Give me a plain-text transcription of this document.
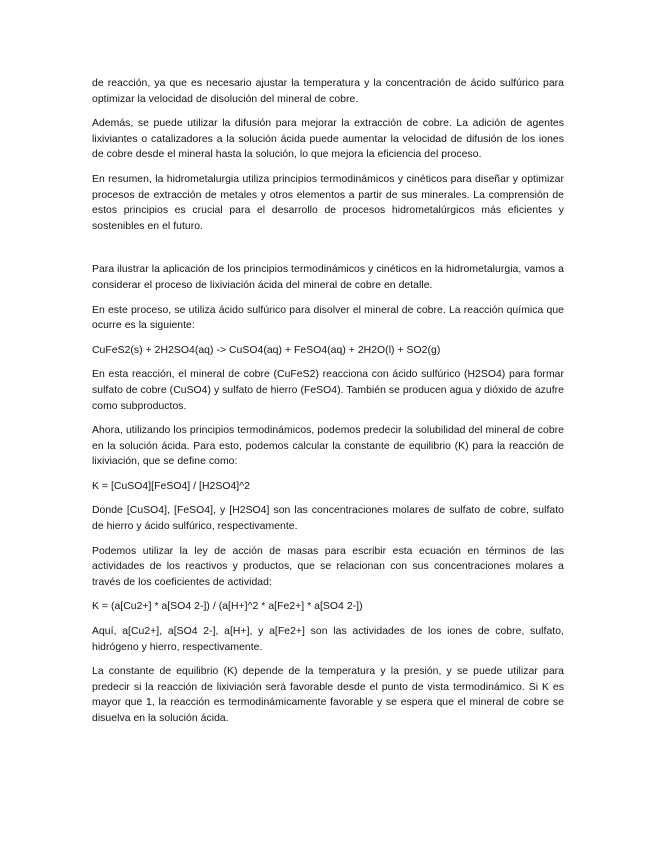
de reacción, ya que es necesario ajustar la temperatura y la concentración de ácido sulfúrico para optimizar la velocidad de disolución del mineral de cobre.

Además, se puede utilizar la difusión para mejorar la extracción de cobre. La adición de agentes lixiviantes o catalizadores a la solución ácida puede aumentar la velocidad de difusión de los iones de cobre desde el mineral hasta la solución, lo que mejora la eficiencia del proceso.

En resumen, la hidrometalurgia utiliza principios termodinámicos y cinéticos para diseñar y optimizar procesos de extracción de metales y otros elementos a partir de sus minerales. La comprensión de estos principios es crucial para el desarrollo de procesos hidrometalúrgicos más eficientes y sostenibles en el futuro.

Para ilustrar la aplicación de los principios termodinámicos y cinéticos en la hidrometalurgia, vamos a considerar el proceso de lixiviación ácida del mineral de cobre en detalle.

En este proceso, se utiliza ácido sulfúrico para disolver el mineral de cobre. La reacción química que ocurre es la siguiente:

CuFeS2(s) + 2H2SO4(aq) -> CuSO4(aq) + FeSO4(aq) + 2H2O(l) + SO2(g)

En esta reacción, el mineral de cobre (CuFeS2) reacciona con ácido sulfúrico (H2SO4) para formar sulfato de cobre (CuSO4) y sulfato de hierro (FeSO4). También se producen agua y dióxido de azufre como subproductos.

Ahora, utilizando los principios termodinámicos, podemos predecir la solubilidad del mineral de cobre en la solución ácida. Para esto, podemos calcular la constante de equilibrio (K) para la reacción de lixiviación, que se define como:

K = [CuSO4][FeSO4] / [H2SO4]^2

Donde [CuSO4], [FeSO4], y [H2SO4] son las concentraciones molares de sulfato de cobre, sulfato de hierro y ácido sulfúrico, respectivamente.

Podemos utilizar la ley de acción de masas para escribir esta ecuación en términos de las actividades de los reactivos y productos, que se relacionan con sus concentraciones molares a través de los coeficientes de actividad:

K = (a[Cu2+] * a[SO4 2-]) / (a[H+]^2 * a[Fe2+] * a[SO4 2-])

Aquí, a[Cu2+], a[SO4 2-], a[H+], y a[Fe2+] son las actividades de los iones de cobre, sulfato, hidrógeno y hierro, respectivamente.

La constante de equilibrio (K) depende de la temperatura y la presión, y se puede utilizar para predecir si la reacción de lixiviación será favorable desde el punto de vista termodinámico. Si K es mayor que 1, la reacción es termodinámicamente favorable y se espera que el mineral de cobre se disuelva en la solución ácida.
